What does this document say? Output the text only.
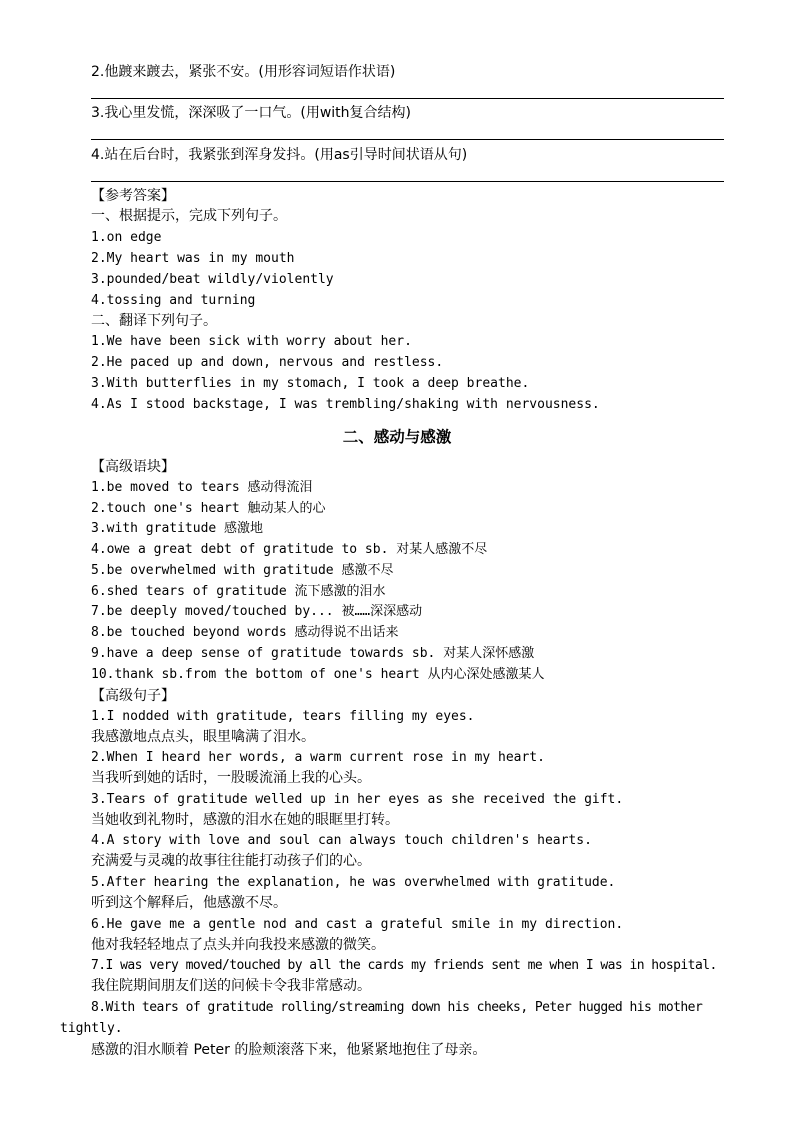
2.他踱来踱去，紧张不安。(用形容词短语作状语)
3.我心里发慌，深深吸了一口气。(用with复合结构)
4.站在后台时，我紧张到浑身发抖。(用as引导时间状语从句)
【参考答案】
一、根据提示，完成下列句子。
1.on edge
2.My heart was in my mouth
3.pounded/beat wildly/violently
4.tossing and turning
二、翻译下列句子。
1.We have been sick with worry about her.
2.He paced up and down, nervous and restless.
3.With butterflies in my stomach, I took a deep breathe.
4.As I stood backstage, I was trembling/shaking with nervousness.
二、感动与感激
【高级语块】
1.be moved to tears 感动得流泪
2.touch one's heart 触动某人的心
3.with gratitude 感激地
4.owe a great debt of gratitude to sb. 对某人感激不尽
5.be overwhelmed with gratitude 感激不尽
6.shed tears of gratitude 流下感激的泪水
7.be deeply moved/touched by... 被……深深感动
8.be touched beyond words 感动得说不出话来
9.have a deep sense of gratitude towards sb. 对某人深怀感激
10.thank sb.from the bottom of one's heart 从内心深处感激某人
【高级句子】
1.I nodded with gratitude, tears filling my eyes.
我感激地点点头，眼里噙满了泪水。
2.When I heard her words, a warm current rose in my heart.
当我听到她的话时，一股暖流涌上我的心头。
3.Tears of gratitude welled up in her eyes as she received the gift.
当她收到礼物时，感激的泪水在她的眼眶里打转。
4.A story with love and soul can always touch children's hearts.
充满爱与灵魂的故事往往能打动孩子们的心。
5.After hearing the explanation, he was overwhelmed with gratitude.
听到这个解释后，他感激不尽。
6.He gave me a gentle nod and cast a grateful smile in my direction.
他对我轻轻地点了点头并向我投来感激的微笑。
7.I was very moved/touched by all the cards my friends sent me when I was in hospital.
我住院期间朋友们送的问候卡令我非常感动。
8.With tears of gratitude rolling/streaming down his cheeks, Peter hugged his mother
tightly.
感激的泪水顺着 Peter 的脸颊滚落下来，他紧紧地抱住了母亲。
